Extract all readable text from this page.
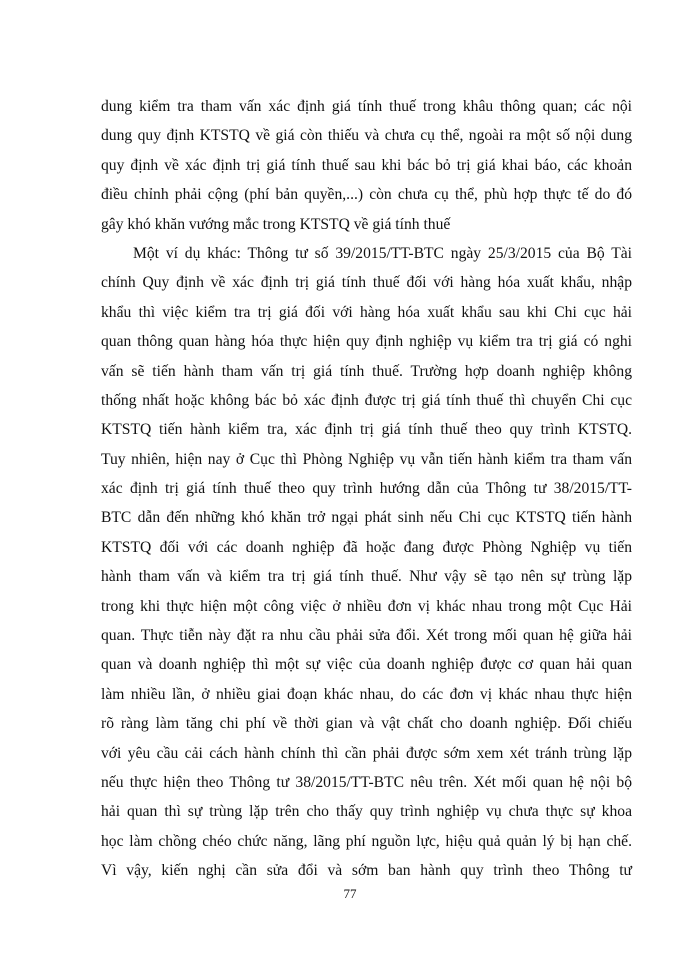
dung kiểm tra tham vấn xác định giá tính thuế trong khâu thông quan; các nội
dung quy định KTSTQ về giá còn thiếu và chưa cụ thể, ngoài ra một số nội dung
quy định về xác định trị giá tính thuế sau khi bác bỏ trị giá khai báo, các khoản
điều chỉnh phải cộng (phí bản quyền,...) còn chưa cụ thể, phù hợp thực tế do đó
gây khó khăn vướng mắc trong KTSTQ về giá tính thuế
Một ví dụ khác: Thông tư số 39/2015/TT-BTC ngày 25/3/2015 của Bộ Tài
chính Quy định về xác định trị giá tính thuế đối với hàng hóa xuất khẩu, nhập
khẩu thì việc kiểm tra trị giá đối với hàng hóa xuất khẩu sau khi Chi cục hải
quan thông quan hàng hóa thực hiện quy định nghiệp vụ kiểm tra trị giá có nghi
vấn sẽ tiến hành tham vấn trị giá tính thuế. Trường hợp doanh nghiệp không
thống nhất hoặc không bác bỏ xác định được trị giá tính thuế thì chuyển Chi cục
KTSTQ tiến hành kiểm tra, xác định trị giá tính thuế theo quy trình KTSTQ.
Tuy nhiên, hiện nay ở Cục thì Phòng Nghiệp vụ vẫn tiến hành kiểm tra tham vấn
xác định trị giá tính thuế theo quy trình hướng dẫn của Thông tư 38/2015/TT-
BTC dẫn đến những khó khăn trở ngại phát sinh nếu Chi cục KTSTQ tiến hành
KTSTQ đối với các doanh nghiệp đã hoặc đang được Phòng Nghiệp vụ tiến
hành tham vấn và kiểm tra trị giá tính thuế. Như vậy sẽ tạo nên sự trùng lặp
trong khi thực hiện một công việc ở nhiều đơn vị khác nhau trong một Cục Hải
quan. Thực tiễn này đặt ra nhu cầu phải sửa đổi. Xét trong mối quan hệ giữa hải
quan và doanh nghiệp thì một sự việc của doanh nghiệp được cơ quan hải quan
làm nhiều lần, ở nhiều giai đoạn khác nhau, do các đơn vị khác nhau thực hiện
rõ ràng làm tăng chi phí về thời gian và vật chất cho doanh nghiệp. Đối chiếu
với yêu cầu cải cách hành chính thì cần phải được sớm xem xét tránh trùng lặp
nếu thực hiện theo Thông tư 38/2015/TT-BTC nêu trên. Xét mối quan hệ nội bộ
hải quan thì sự trùng lặp trên cho thấy quy trình nghiệp vụ chưa thực sự khoa
học làm chồng chéo chức năng, lãng phí nguồn lực, hiệu quả quản lý bị hạn chế.
Vì vậy, kiến nghị cần sửa đổi và sớm ban hành quy trình theo Thông tư
77
